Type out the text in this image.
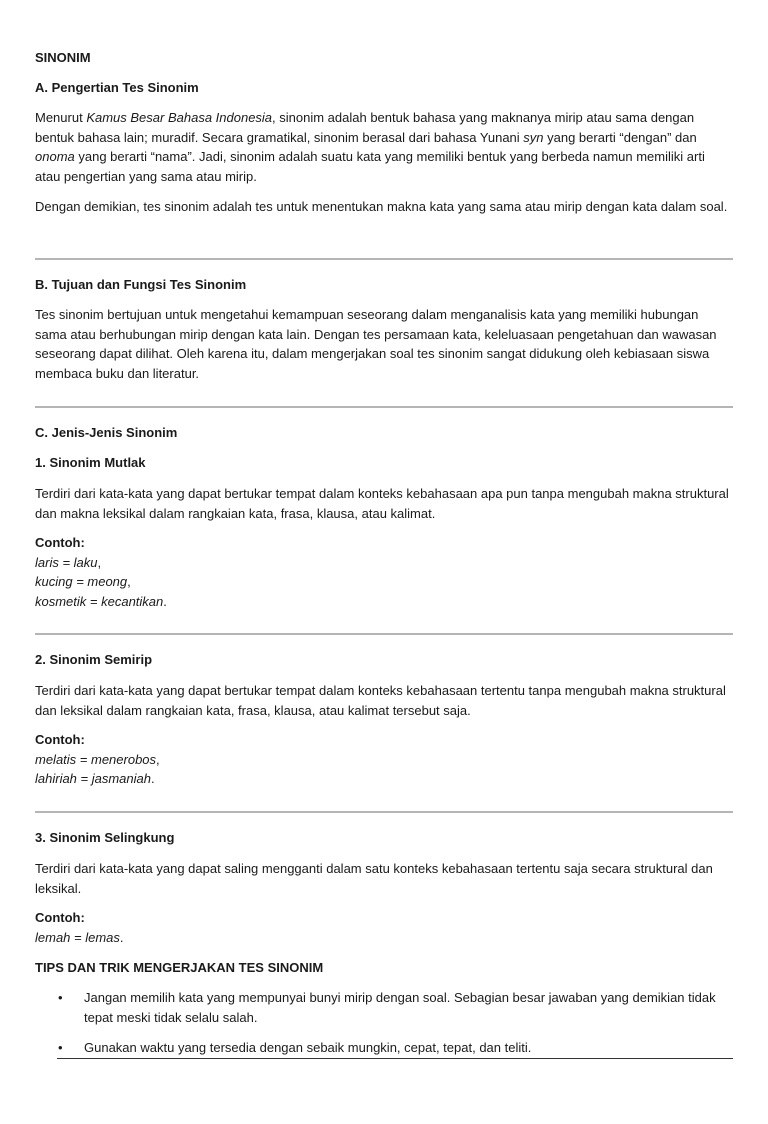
SINONIM
A. Pengertian Tes Sinonim

Menurut Kamus Besar Bahasa Indonesia, sinonim adalah bentuk bahasa yang maknanya mirip atau sama dengan bentuk bahasa lain; muradif. Secara gramatikal, sinonim berasal dari bahasa Yunani syn yang berarti “dengan” dan onoma yang berarti “nama”. Jadi, sinonim adalah suatu kata yang memiliki bentuk yang berbeda namun memiliki arti atau pengertian yang sama atau mirip.

Dengan demikian, tes sinonim adalah tes untuk menentukan makna kata yang sama atau mirip dengan kata dalam soal.

B. Tujuan dan Fungsi Tes Sinonim

Tes sinonim bertujuan untuk mengetahui kemampuan seseorang dalam menganalisis kata yang memiliki hubungan sama atau berhubungan mirip dengan kata lain. Dengan tes persamaan kata, keleluasaan pengetahuan dan wawasan seseorang dapat dilihat. Oleh karena itu, dalam mengerjakan soal tes sinonim sangat didukung oleh kebiasaan siswa membaca buku dan literatur.

C. Jenis-Jenis Sinonim
1. Sinonim Mutlak

Terdiri dari kata-kata yang dapat bertukar tempat dalam konteks kebahasaan apa pun tanpa mengubah makna struktural dan makna leksikal dalam rangkaian kata, frasa, klausa, atau kalimat.

Contoh:
laris = laku,
kucing = meong,
kosmetik = kecantikan.
2. Sinonim Semirip

Terdiri dari kata-kata yang dapat bertukar tempat dalam konteks kebahasaan tertentu tanpa mengubah makna struktural dan leksikal dalam rangkaian kata, frasa, klausa, atau kalimat tersebut saja.

Contoh:
melatis = menerobos,
lahiriah = jasmaniah.
3. Sinonim Selingkung

Terdiri dari kata-kata yang dapat saling mengganti dalam satu konteks kebahasaan tertentu saja secara struktural dan leksikal.

Contoh:
lemah = lemas.
TIPS DAN TRIK MENGERJAKAN TES SINONIM
• Jangan memilih kata yang mempunyai bunyi mirip dengan soal. Sebagian besar jawaban yang demikian tidak tepat meski tidak selalu salah.
• Gunakan waktu yang tersedia dengan sebaik mungkin, cepat, tepat, dan teliti.
